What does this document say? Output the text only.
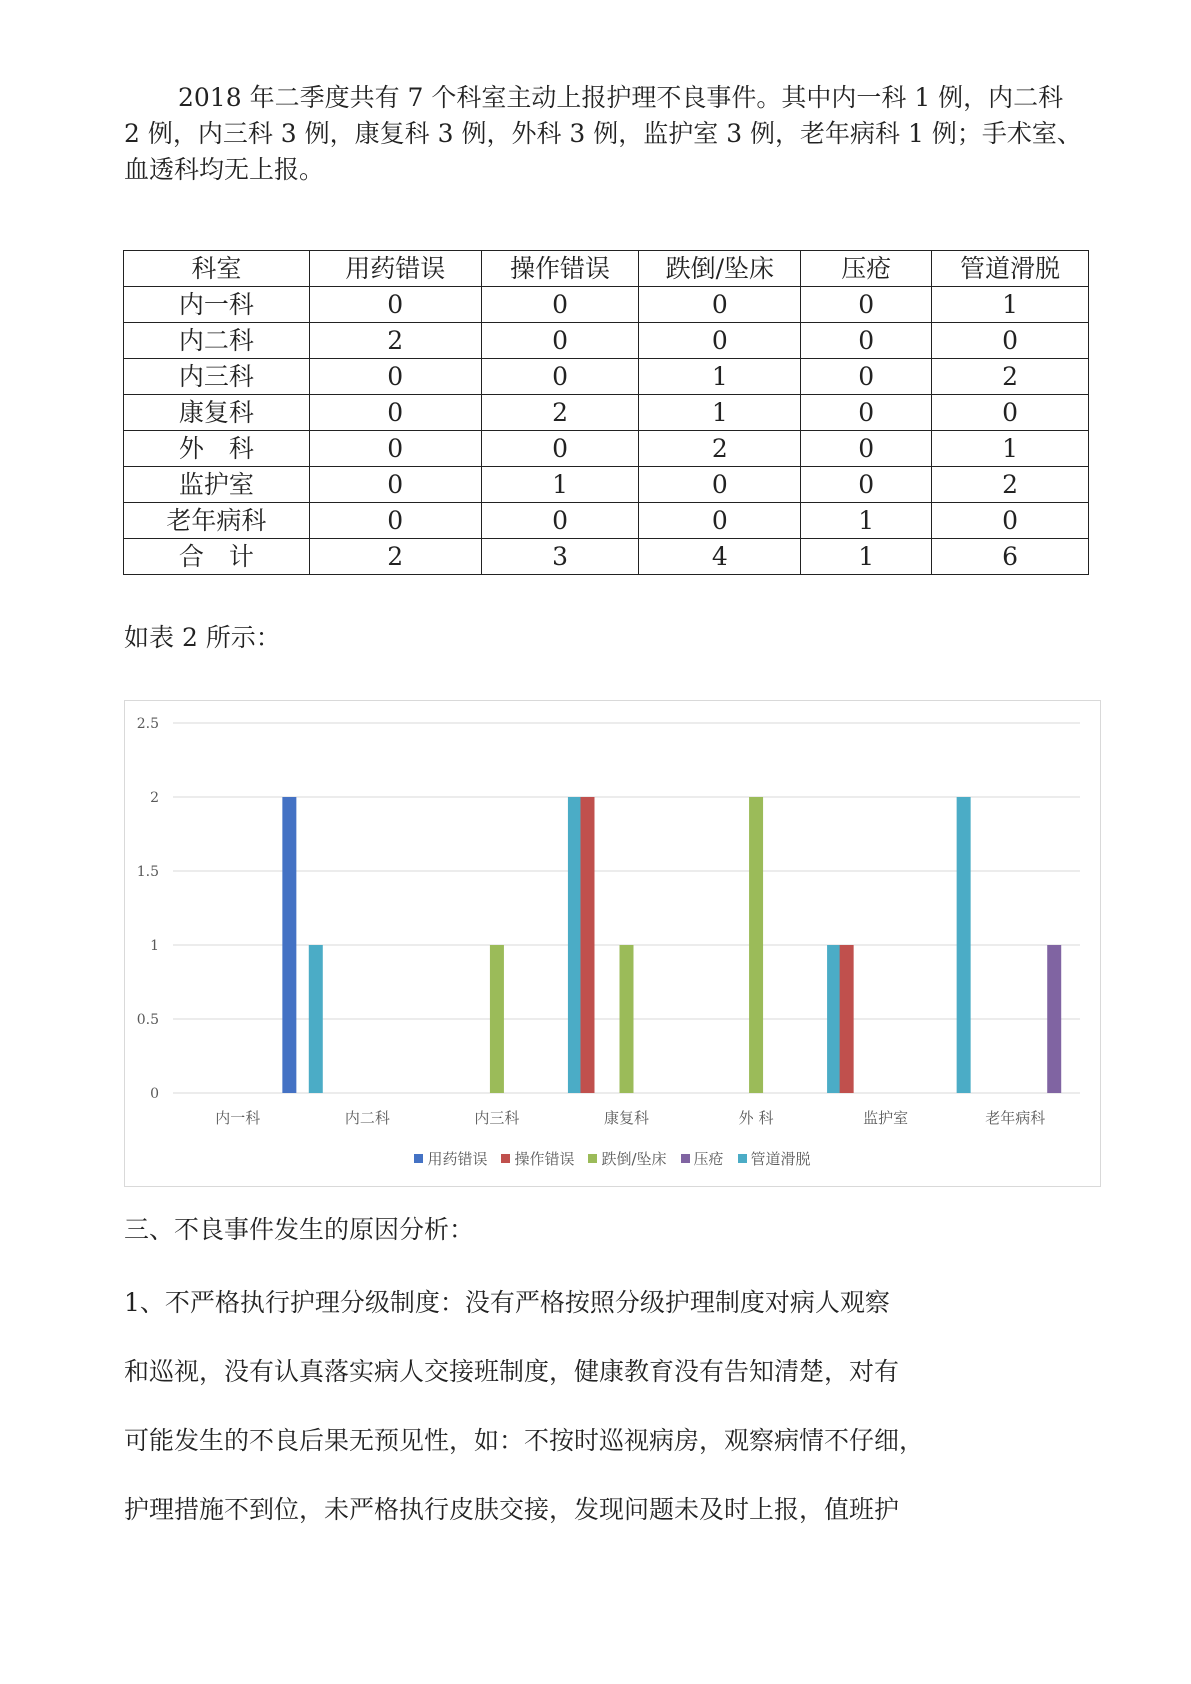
2018 年二季度共有 7 个科室主动上报护理不良事件。其中内一科 1 例，内二科 2 例，内三科 3 例，康复科 3 例，外科 3 例，监护室 3 例，老年病科 1 例；手术室、血透科均无上报。

科室	用药错误	操作错误	跌倒/坠床	压疮	管道滑脱
内一科	0	0	0	0	1
内二科	2	0	0	0	0
内三科	0	0	1	0	2
康复科	0	2	1	0	0
外　科	0	0	2	0	1
监护室	0	1	0	0	2
老年病科	0	0	0	1	0
合　计	2	3	4	1	6

如表 2 所示：

0
0.5
1
1.5
2
2.5
内一科	内二科	内三科	康复科	外 科	监护室	老年病科
用药错误 操作错误 跌倒/坠床 压疮 管道滑脱

三、不良事件发生的原因分析：

1、不严格执行护理分级制度：没有严格按照分级护理制度对病人观察

和巡视，没有认真落实病人交接班制度，健康教育没有告知清楚，对有

可能发生的不良后果无预见性，如：不按时巡视病房，观察病情不仔细，

护理措施不到位，未严格执行皮肤交接，发现问题未及时上报，值班护
